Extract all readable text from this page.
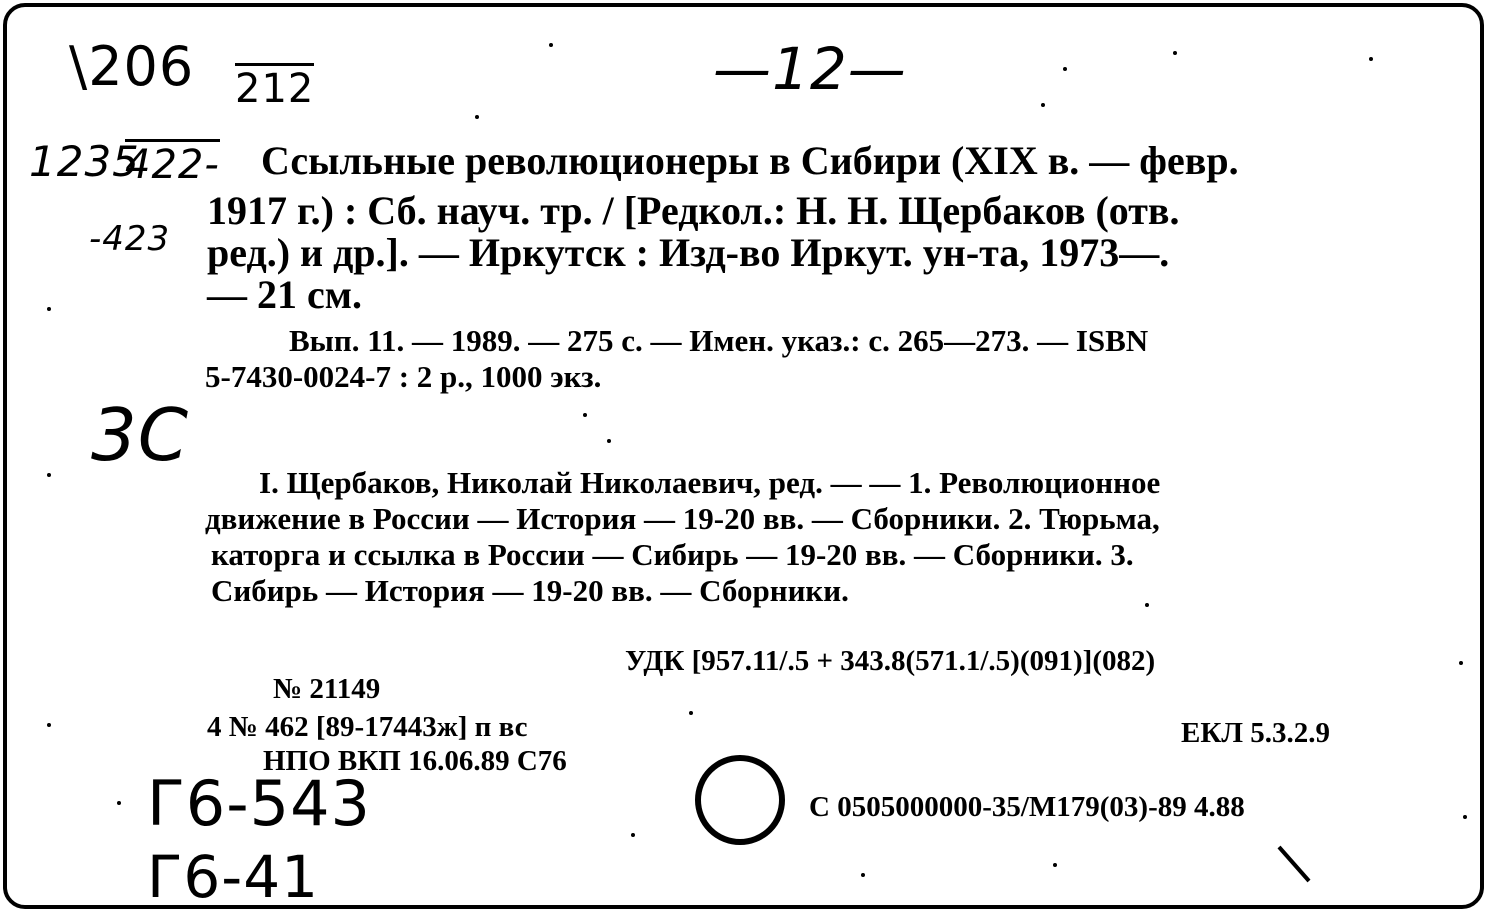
\206 212	—12—
1235
422-
-423
3C
Г6-543
Г6-41
Ссыльные революционеры в Сибири (XIX в. — февр.
1917 г.) : Сб. науч. тр. / [Редкол.: Н. Н. Щербаков (отв.
ред.) и др.]. — Иркутск : Изд-во Иркут. ун-та, 1973—.
— 21 см.
Вып. 11. — 1989. — 275 с. — Имен. указ.: с. 265—273. — ISBN
5-7430-0024-7 : 2 р., 1000 экз.
I. Щербаков, Николай Николаевич, ред. — — 1. Революционное
движение в России — История — 19-20 вв. — Сборники. 2. Тюрьма,
каторга и ссылка в России — Сибирь — 19-20 вв. — Сборники. 3.
Сибирь — История — 19-20 вв. — Сборники.
УДК [957.11/.5 + 343.8(571.1/.5)(091)](082)
№ 21149
4 № 462 [89-17443ж] п вс	ЕКЛ 5.3.2.9
НПО ВКП 16.06.89 С76
С 0505000000-35/М179(03)-89 4.88
